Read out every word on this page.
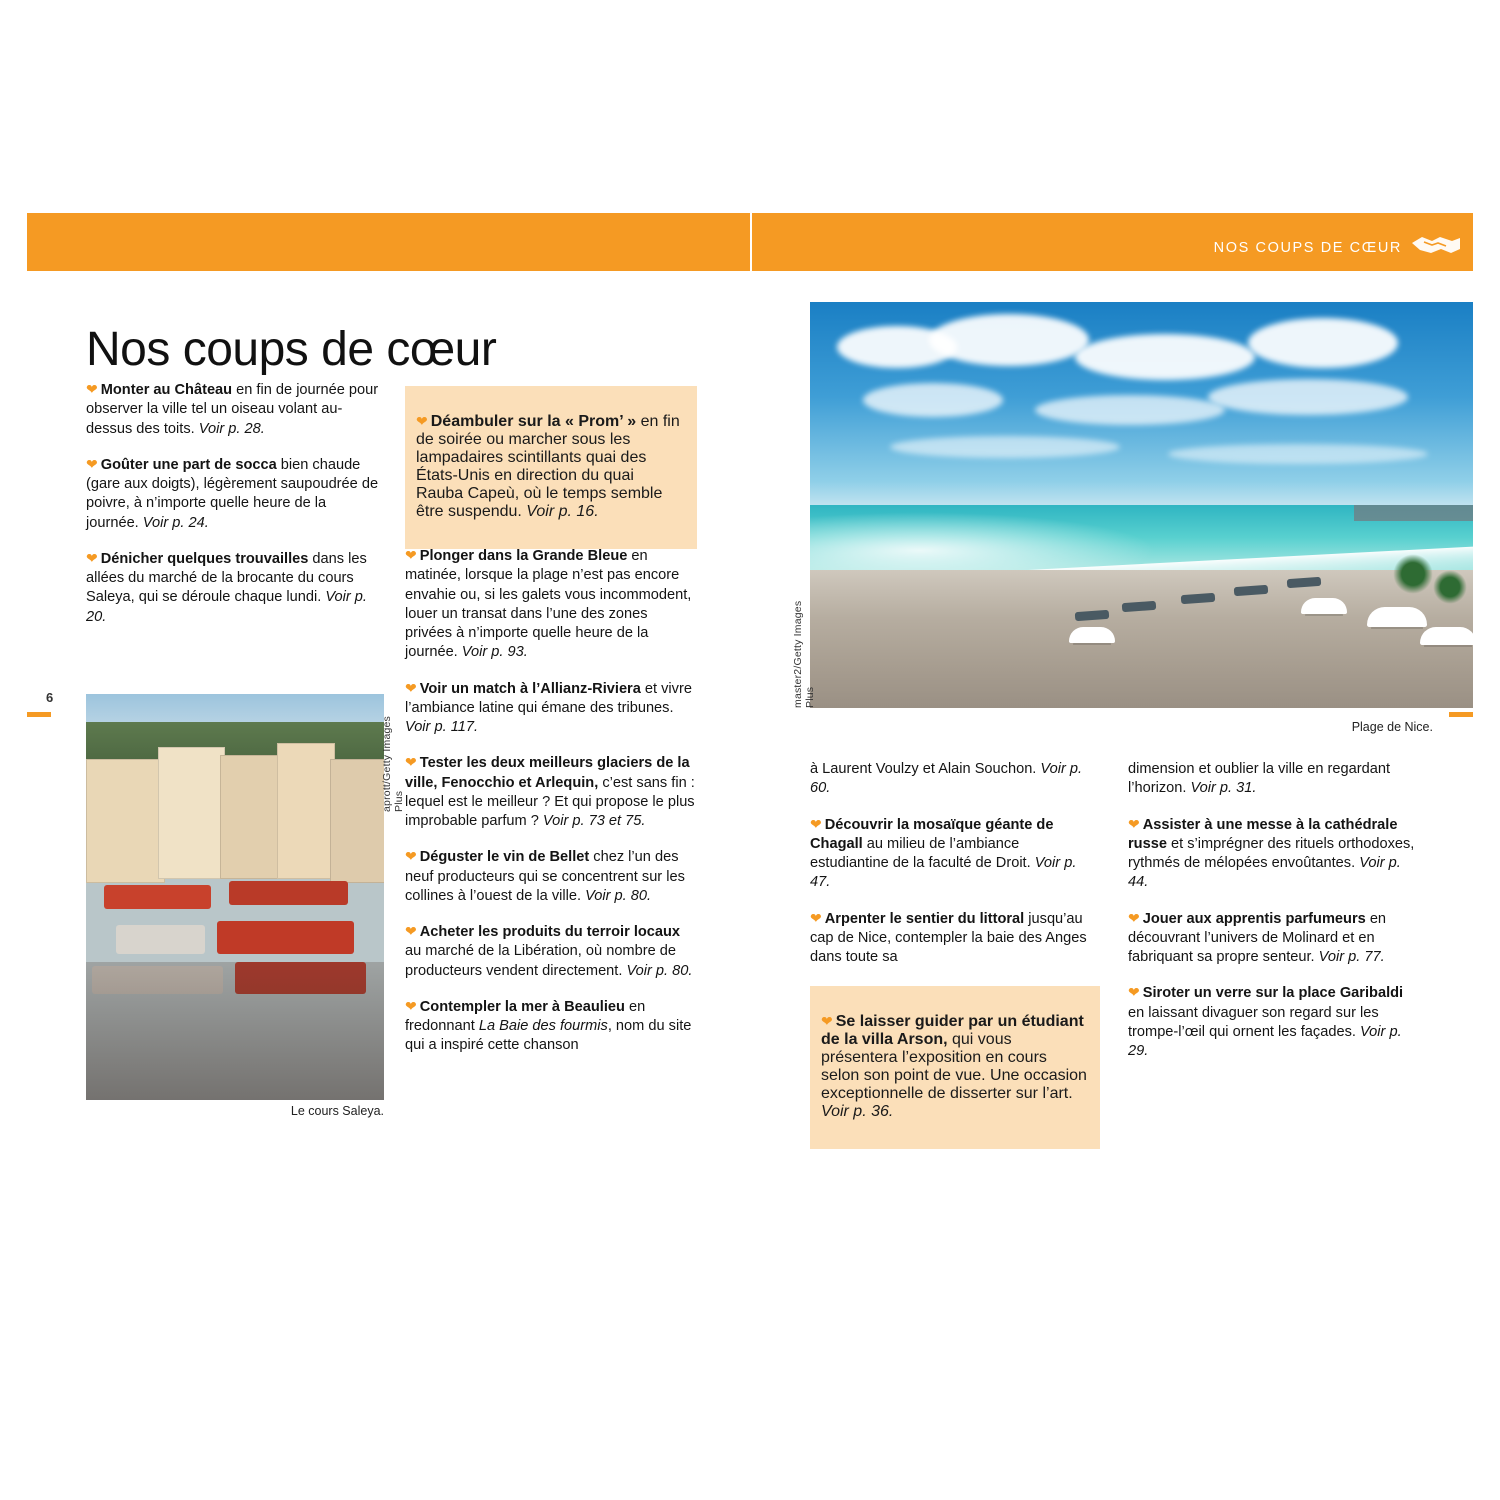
NOS COUPS DE CŒUR
6
Nos coups de cœur

❤ Monter au Château en fin de journée pour observer la ville tel un oiseau volant au-dessus des toits. Voir p. 28.

❤ Goûter une part de socca bien chaude (gare aux doigts), légèrement saupoudrée de poivre, à n’importe quelle heure de la journée. Voir p. 24.

❤ Dénicher quelques trouvailles dans les allées du marché de la brocante du cours Saleya, qui se déroule chaque lundi. Voir p. 20.

❤ Déambuler sur la « Prom’ » en fin de soirée ou marcher sous les lampadaires scintillants quai des États-Unis en direction du quai Rauba Capeù, où le temps semble être suspendu. Voir p. 16.

❤ Plonger dans la Grande Bleue en matinée, lorsque la plage n’est pas encore envahie ou, si les galets vous incommodent, louer un transat dans l’une des zones privées à n’importe quelle heure de la journée. Voir p. 93.

❤ Voir un match à l’Allianz-Riviera et vivre l’ambiance latine qui émane des tribunes. Voir p. 117.

❤ Tester les deux meilleurs glaciers de la ville, Fenocchio et Arlequin, c’est sans fin : lequel est le meilleur ? Et qui propose le plus improbable parfum ? Voir p. 73 et 75.

❤ Déguster le vin de Bellet chez l’un des neuf producteurs qui se concentrent sur les collines à l’ouest de la ville. Voir p. 80.

❤ Acheter les produits du terroir locaux au marché de la Libération, où nombre de producteurs vendent directement. Voir p. 80.

❤ Contempler la mer à Beaulieu en fredonnant La Baie des fourmis, nom du site qui a inspiré cette chanson

aprott/Getty Images Plus
Le cours Saleya.
master2/Getty Images Plus
Plage de Nice.

à Laurent Voulzy et Alain Souchon. Voir p. 60.

❤ Découvrir la mosaïque géante de Chagall au milieu de l’ambiance estudiantine de la faculté de Droit. Voir p. 47.

❤ Arpenter le sentier du littoral jusqu’au cap de Nice, contempler la baie des Anges dans toute sa

❤ Se laisser guider par un étudiant de la villa Arson, qui vous présentera l’exposition en cours selon son point de vue. Une occasion exceptionnelle de disserter sur l’art. Voir p. 36.

dimension et oublier la ville en regardant l’horizon. Voir p. 31.

❤ Assister à une messe à la cathédrale russe et s’imprégner des rituels orthodoxes, rythmés de mélopées envoûtantes. Voir p. 44.

❤ Jouer aux apprentis parfumeurs en découvrant l’univers de Molinard et en fabriquant sa propre senteur. Voir p. 77.

❤ Siroter un verre sur la place Garibaldi en laissant divaguer son regard sur les trompe-l’œil qui ornent les façades. Voir p. 29.
